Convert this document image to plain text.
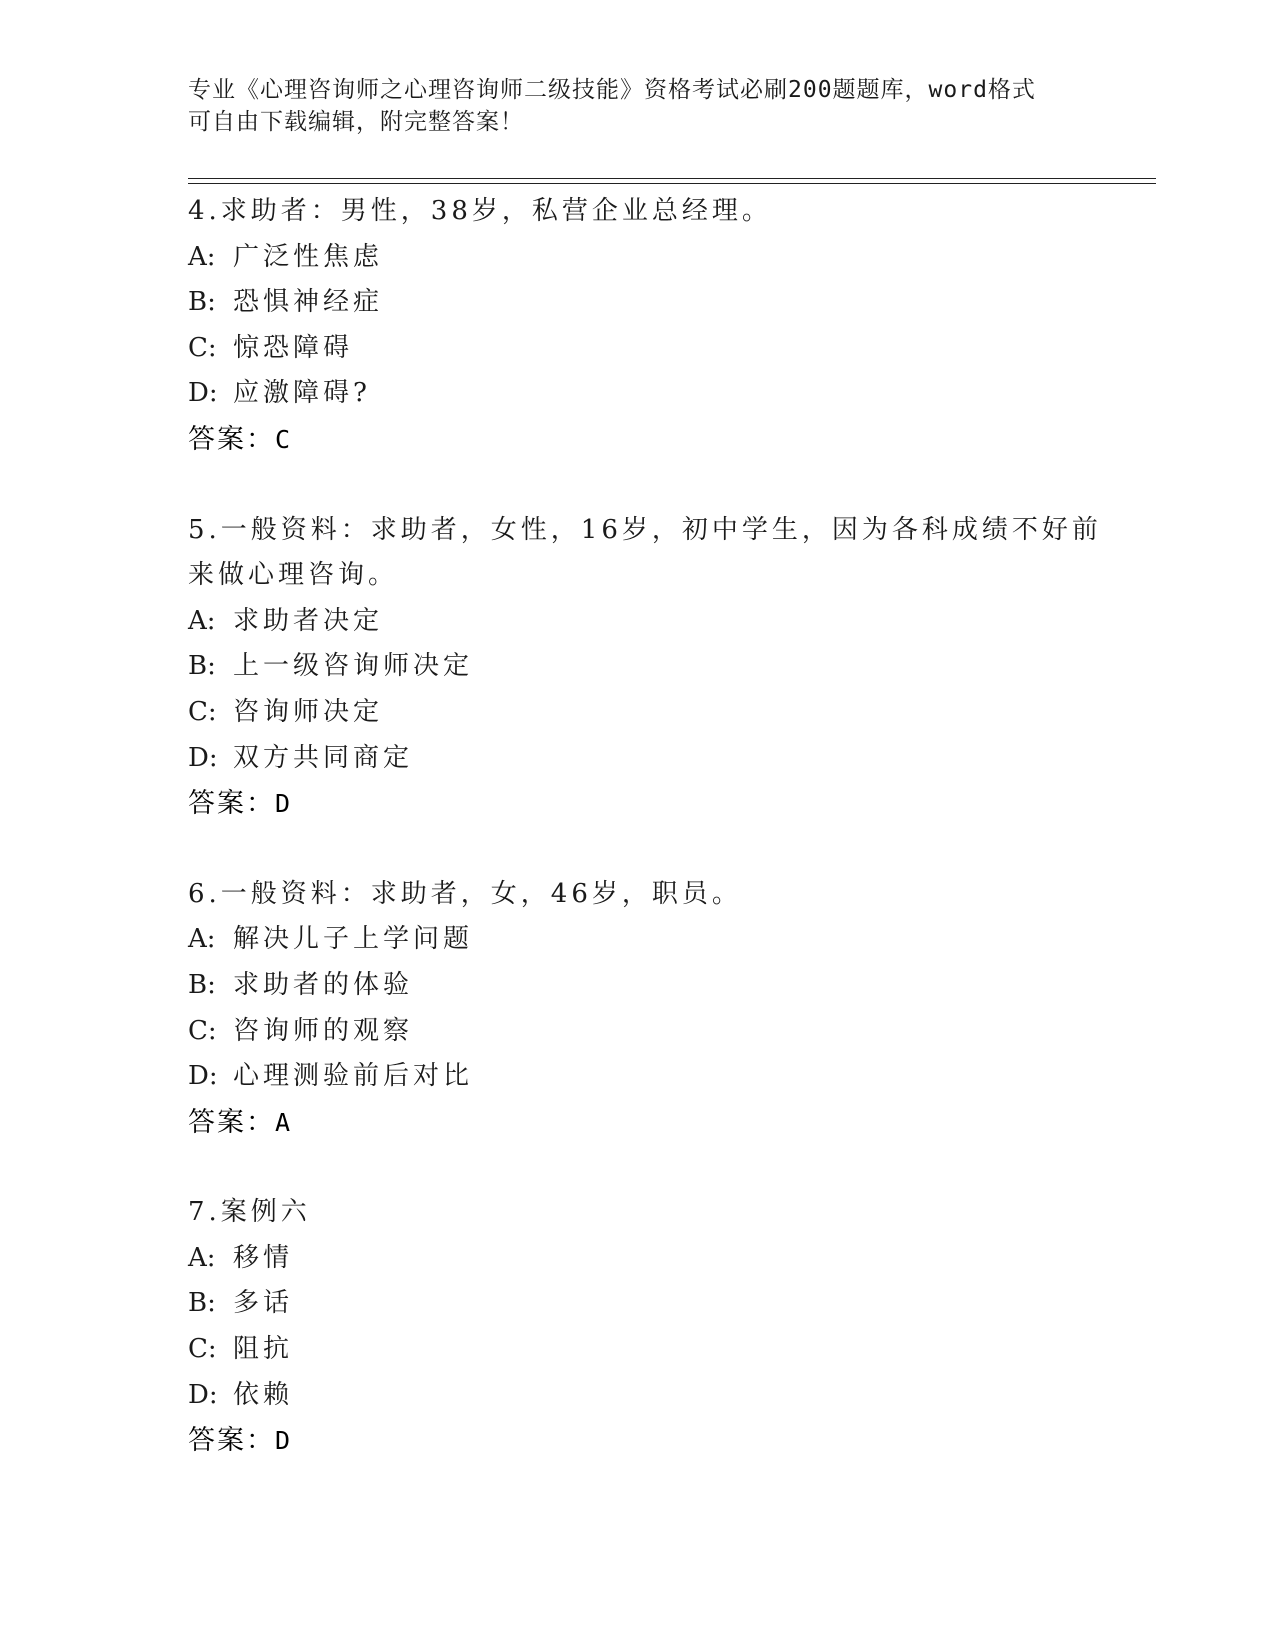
专业《心理咨询师之心理咨询师二级技能》资格考试必刷200题题库，word格式
可自由下载编辑，附完整答案！
4.求助者：男性，38岁，私营企业总经理。
A: 广泛性焦虑
B: 恐惧神经症
C: 惊恐障碍
D: 应激障碍?
答案：C
5.一般资料：求助者，女性，16岁，初中学生，因为各科成绩不好前
来做心理咨询。
A: 求助者决定
B: 上一级咨询师决定
C: 咨询师决定
D: 双方共同商定
答案：D
6.一般资料：求助者，女，46岁，职员。
A: 解决儿子上学问题
B: 求助者的体验
C: 咨询师的观察
D: 心理测验前后对比
答案：A
7.案例六
A: 移情
B: 多话
C: 阻抗
D: 依赖
答案：D
